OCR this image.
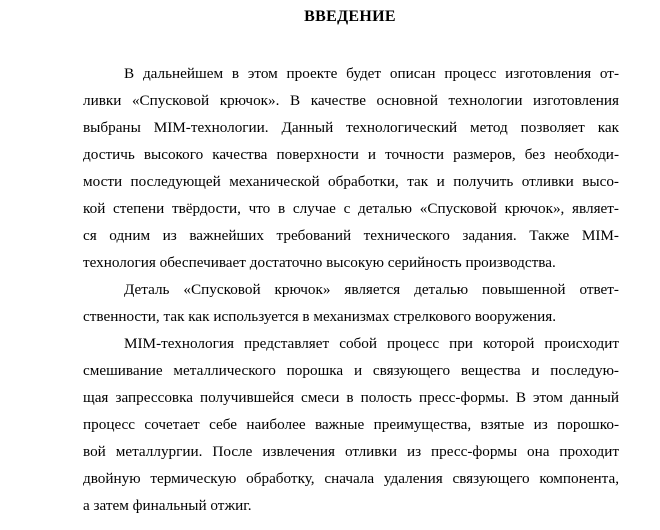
ВВЕДЕНИЕ
В дальнейшем в этом проекте будет описан процесс изготовления от-
ливки «Спусковой крючок». В качестве основной технологии изготовления
выбраны MIM-технологии. Данный технологический метод позволяет как
достичь высокого качества поверхности и точности размеров, без необходи-
мости последующей механической обработки, так и получить отливки высо-
кой степени твёрдости, что в случае с деталью «Спусковой крючок», являет-
ся одним из важнейших требований технического задания. Также MIM-
технология обеспечивает достаточно высокую серийность производства.
Деталь «Спусковой крючок» является деталью повышенной ответ-
ственности, так как используется в механизмах стрелкового вооружения.
MIM-технология представляет собой процесс при которой происходит
смешивание металлического порошка и связующего вещества и последую-
щая запрессовка получившейся смеси в полость пресс-формы. В этом данный
процесс сочетает себе наиболее важные преимущества, взятые из порошко-
вой металлургии. После извлечения отливки из пресс-формы она проходит
двойную термическую обработку, сначала удаления связующего компонента,
а затем финальный отжиг.
